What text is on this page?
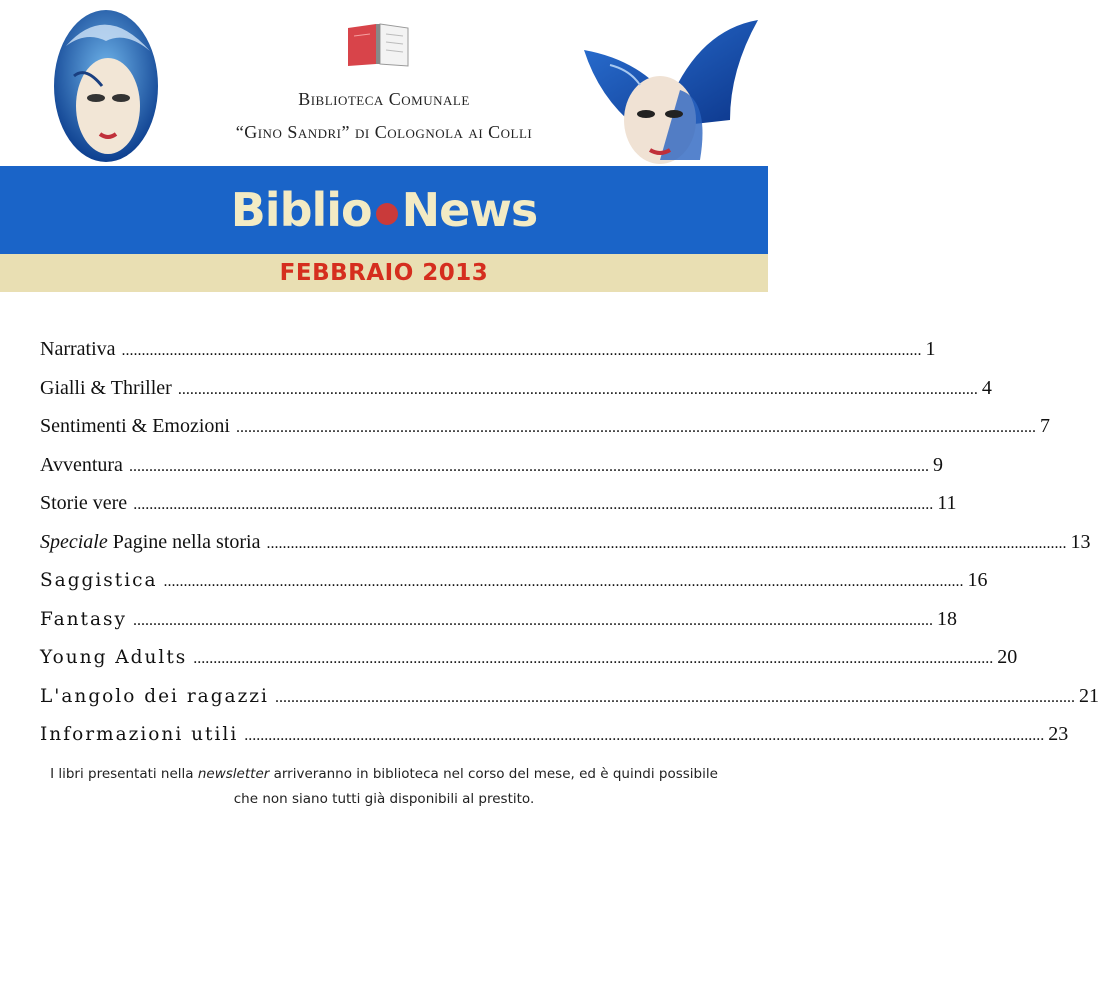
Biblioteca Comunale
“Gino Sandri” di Colognola ai Colli
Biblio News
FEBBRAIO 2013
Narrativa ........................................................................................................................................................................................................ 1
Gialli & Thriller ........................................................................................................................................................................................................ 4
Sentimenti & Emozioni ........................................................................................................................................................................................................ 7
Avventura ........................................................................................................................................................................................................ 9
Storie vere ........................................................................................................................................................................................................ 11
Speciale Pagine nella storia ........................................................................................................................................................................................................ 13
Saggistica ........................................................................................................................................................................................................ 16
Fantasy ........................................................................................................................................................................................................ 18
Young Adults ........................................................................................................................................................................................................ 20
L'angolo dei ragazzi ........................................................................................................................................................................................................ 21
Informazioni utili ........................................................................................................................................................................................................ 23
I libri presentati nella newsletter arriveranno in biblioteca nel corso del mese, ed è quindi possibile che non siano tutti già disponibili al prestito.
